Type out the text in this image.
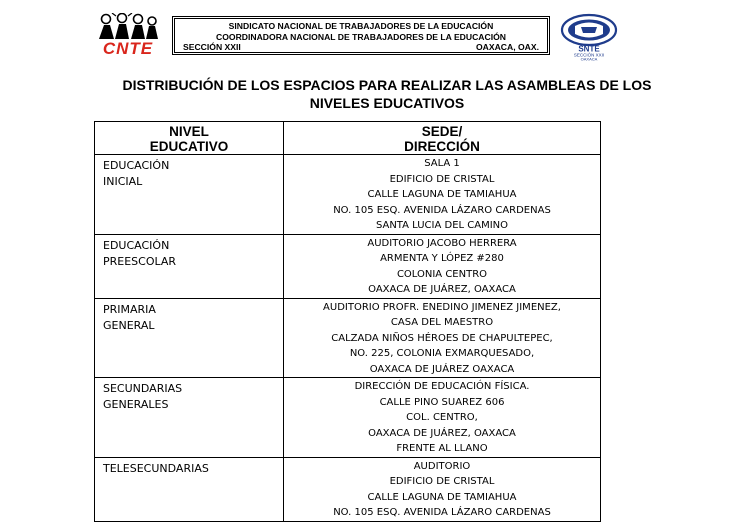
CNTE
SINDICATO NACIONAL DE TRABAJADORES DE LA EDUCACIÓN
COORDINADORA NACIONAL DE TRABAJADORES DE LA EDUCACIÓN
SECCIÓN XXII	OAXACA, OAX.	SNTE
SECCIÓN XXII
OAXACA
DISTRIBUCIÓN DE LOS ESPACIOS PARA REALIZAR LAS ASAMBLEAS DE LOS
NIVELES EDUCATIVOS
NIVEL
EDUCATIVO	SEDE/
DIRECCIÓN

EDUCACIÓN
INICIAL	SALA 1
EDIFICIO DE CRISTAL
CALLE LAGUNA DE TAMIAHUA
NO. 105 ESQ. AVENIDA LÁZARO CARDENAS
SANTA LUCIA DEL CAMINO

EDUCACIÓN
PREESCOLAR	AUDITORIO JACOBO HERRERA
ARMENTA Y LÓPEZ #280
COLONIA CENTRO
OAXACA DE JUÁREZ, OAXACA

PRIMARIA
GENERAL	AUDITORIO PROFR. ENEDINO JIMENEZ JIMENEZ,
CASA DEL MAESTRO
CALZADA NIÑOS HÉROES DE CHAPULTEPEC,
NO. 225, COLONIA EXMARQUESADO,
OAXACA DE JUÁREZ OAXACA

SECUNDARIAS
GENERALES	DIRECCIÓN DE EDUCACIÓN FÍSICA.
CALLE PINO SUAREZ 606
COL. CENTRO,
OAXACA DE JUÁREZ, OAXACA
FRENTE AL LLANO

TELESECUNDARIAS	AUDITORIO
EDIFICIO DE CRISTAL
CALLE LAGUNA DE TAMIAHUA
NO. 105 ESQ. AVENIDA LÁZARO CARDENAS
